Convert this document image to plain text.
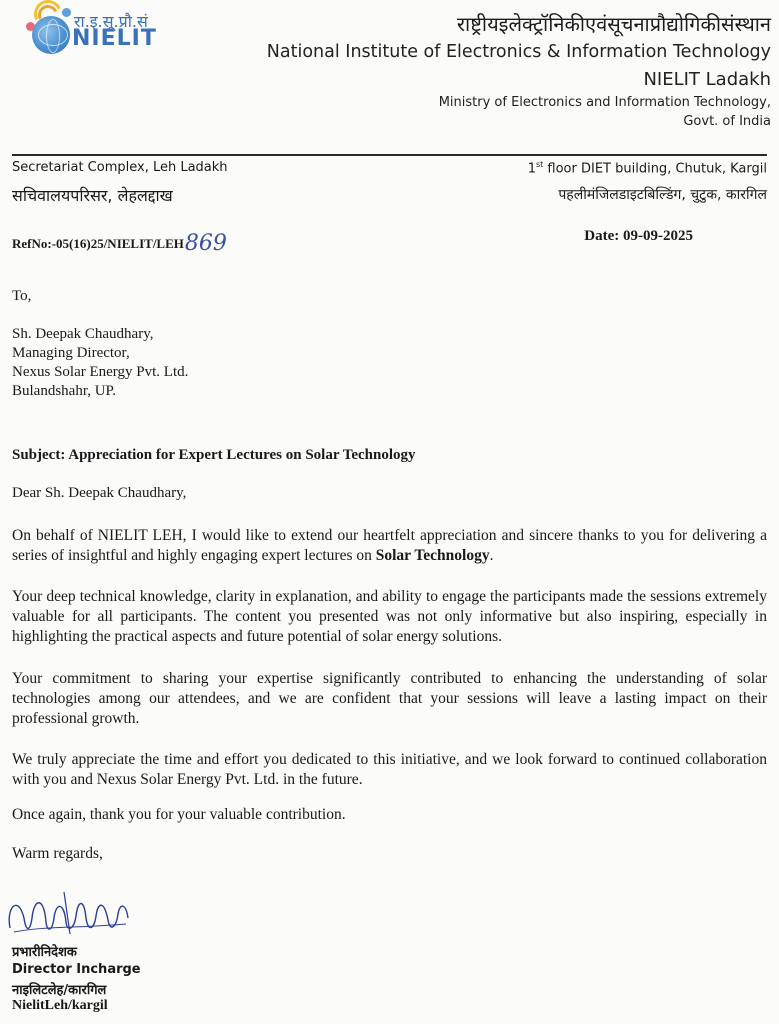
रा.इ.सू.प्रौ.सं
NIELIT
राष्ट्रीयइलेक्ट्रॉनिकीएवंसूचनाप्रौद्योगिकीसंस्थान
National Institute of Electronics & Information Technology
NIELIT Ladakh
Ministry of Electronics and Information Technology,
Govt. of India
Secretariat Complex, Leh Ladakh
सचिवालयपरिसर, लेहलद्दाख
1st floor DIET building, Chutuk, Kargil
पहलीमंजिलडाइटबिल्डिंग, चुटुक, कारगिल
RefNo:-05(16)25/NIELIT/LEH869	Date: 09-09-2025
To,
Sh. Deepak Chaudhary,
Managing Director,
Nexus Solar Energy Pvt. Ltd.
Bulandshahr, UP.
Subject: Appreciation for Expert Lectures on Solar Technology
Dear Sh. Deepak Chaudhary,
On behalf of NIELIT LEH, I would like to extend our heartfelt appreciation and sincere thanks to you for delivering a series of insightful and highly engaging expert lectures on Solar Technology.
Your deep technical knowledge, clarity in explanation, and ability to engage the participants made the sessions extremely valuable for all participants. The content you presented was not only informative but also inspiring, especially in highlighting the practical aspects and future potential of solar energy solutions.
Your commitment to sharing your expertise significantly contributed to enhancing the understanding of solar technologies among our attendees, and we are confident that your sessions will leave a lasting impact on their professional growth.
We truly appreciate the time and effort you dedicated to this initiative, and we look forward to continued collaboration with you and Nexus Solar Energy Pvt. Ltd. in the future.
Once again, thank you for your valuable contribution.
Warm regards,
प्रभारीनिदेशक
Director Incharge
नाइलिटलेह/कारगिल
NielitLeh/kargil
